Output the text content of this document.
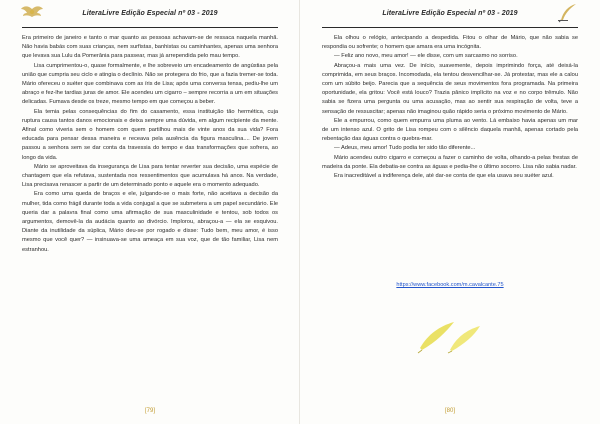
LiteraLivre Edição Especial nº 03 - 2019

Era primeiro de janeiro e tanto o mar quanto as pessoas achavam-se de ressaca naquela manhã. Não havia babás com suas crianças, nem surfistas, banhistas ou caminhantes, apenas uma senhora que levava sua Lulu da Pomerânia para passear, mas já arrependida pelo mau tempo.

Lisa cumprimentou-o, quase formalmente, e lhe sobreveio um encadeamento de angústias pela união que cumpria seu ciclo e atingia o declínio. Não se protegera do frio, que a fazia tremer-se toda. Mário ofereceu o suéter que combinava com as íris de Lisa; após uma conversa tensa, pediu-lhe um abraço e fez-lhe tardias juras de amor. Ele acendeu um cigarro – sempre recorria a um em situações delicadas. Fumava desde os treze, mesmo tempo em que começou a beber.

Ela temia pelas consequências do fim do casamento, essa instituição tão hermética, cuja ruptura causa tantos danos emocionais e deixa sempre uma dúvida, em algum recipiente da mente. Afinal como viveria sem o homem com quem partilhou mais de vinte anos da sua vida? Fora educada para pensar dessa maneira e receava pela ausência da figura masculina.... De jovem passou a senhora sem se dar conta da travessia do tempo e das transformações que sofrera, ao longo da vida.

Mário se aproveitava da insegurança de Lisa para tentar reverter sua decisão, uma espécie de chantagem que ela refutava, sustentada nos ressentimentos que acumulava há anos. Na verdade, Lisa precisava renascer a partir de um determinado ponto e aquele era o momento adequado.

Era como uma queda de braços e ele, julgando-se o mais forte, não aceitava a decisão da mulher, tida como frágil durante toda a vida conjugal a que se submetera a um papel secundário. Ele queria dar a palavra final como uma afirmação de sua masculinidade e tentou, sob todos os argumentos, demovê-la da audácia quanto ao divórcio. Implorou, abraçou-a — ela se esquivou. Diante da inutilidade da súplica, Mário deu-se por rogado e disse: Tudo bem, meu amor, é isso mesmo que você quer? — insinuava-se uma ameaça em sua voz, que de tão familiar, Lisa nem estranhou.

[79]
LiteraLivre Edição Especial nº 03 - 2019

Ela olhou o relógio, antecipando a despedida. Fitou o olhar de Mário, que não sabia se respondia ou sofrente; o homem que amara era uma incógnita.

— Feliz ano novo, meu amor! — ele disse, com um sarcasmo no sorriso.

Abraçou-a mais uma vez. De início, suavemente, depois imprimindo força, até deixá-la comprimida, em seus braços. Incomodada, ela tentou desvencilhar-se. Já protestar, mas ele a calou com um súbito beijo. Parecia que a sequência de seus movimentos fora programada. Na primeira oportunidade, ela gritou: Você está louco? Trazia pânico implícito na voz e no corpo trêmulo. Não sabia se fizera uma pergunta ou uma acusação, mas ao sentir sua respiração de volta, teve a sensação de ressuscitar; apenas não imaginou quão rápido seria o próximo movimento de Mário.

Ele a empurrou, como quem empurra uma pluma ao vento. Lá embaixo havia apenas um mar de um intenso azul. O grito de Lisa rompeu com o silêncio daquela manhã, apenas cortado pela rebentação das águas contra o quebra-mar.

— Adeus, meu amor! Tudo podia ter sido tão diferente...

Mário acendeu outro cigarro e começou a fazer o caminho de volta, olhando-a pelas frestas de madeira da ponte. Ela debatia-se contra as águas e pedia-lhe o último socorro. Lisa não sabia nadar.

Era inacreditável a indiferença dele, até dar-se conta de que ela usava seu suéter azul.

https://www.facebook.com/m.cavalcante.75
[80]
